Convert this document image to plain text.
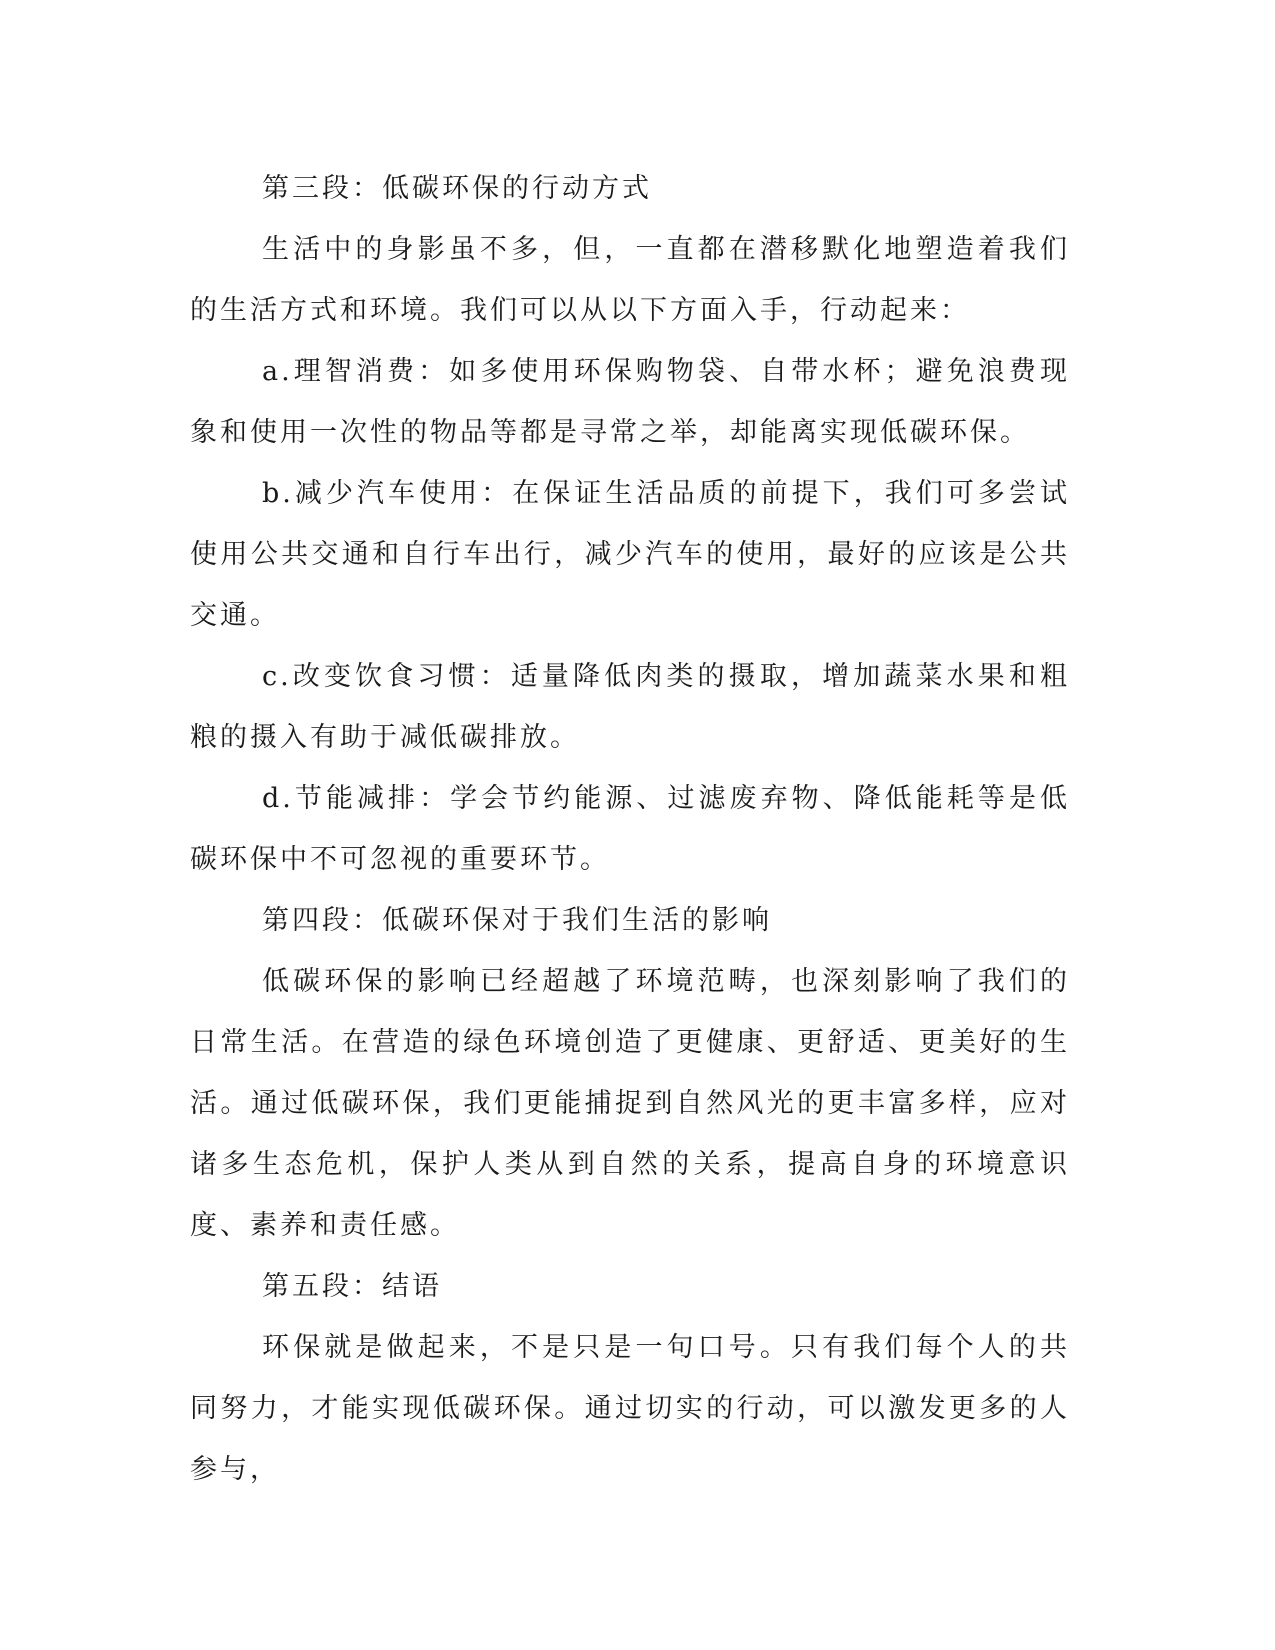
第三段：低碳环保的行动方式

生活中的身影虽不多，但，一直都在潜移默化地塑造着我们的生活方式和环境。我们可以从以下方面入手，行动起来：

a.理智消费：如多使用环保购物袋、自带水杯；避免浪费现象和使用一次性的物品等都是寻常之举，却能离实现低碳环保。

b.减少汽车使用：在保证生活品质的前提下，我们可多尝试使用公共交通和自行车出行，减少汽车的使用，最好的应该是公共交通。

c.改变饮食习惯：适量降低肉类的摄取，增加蔬菜水果和粗粮的摄入有助于减低碳排放。

d.节能减排：学会节约能源、过滤废弃物、降低能耗等是低碳环保中不可忽视的重要环节。

第四段：低碳环保对于我们生活的影响

低碳环保的影响已经超越了环境范畴，也深刻影响了我们的日常生活。在营造的绿色环境创造了更健康、更舒适、更美好的生活。通过低碳环保，我们更能捕捉到自然风光的更丰富多样，应对诸多生态危机，保护人类从到自然的关系，提高自身的环境意识度、素养和责任感。

第五段：结语

环保就是做起来，不是只是一句口号。只有我们每个人的共同努力，才能实现低碳环保。通过切实的行动，可以激发更多的人参与，
